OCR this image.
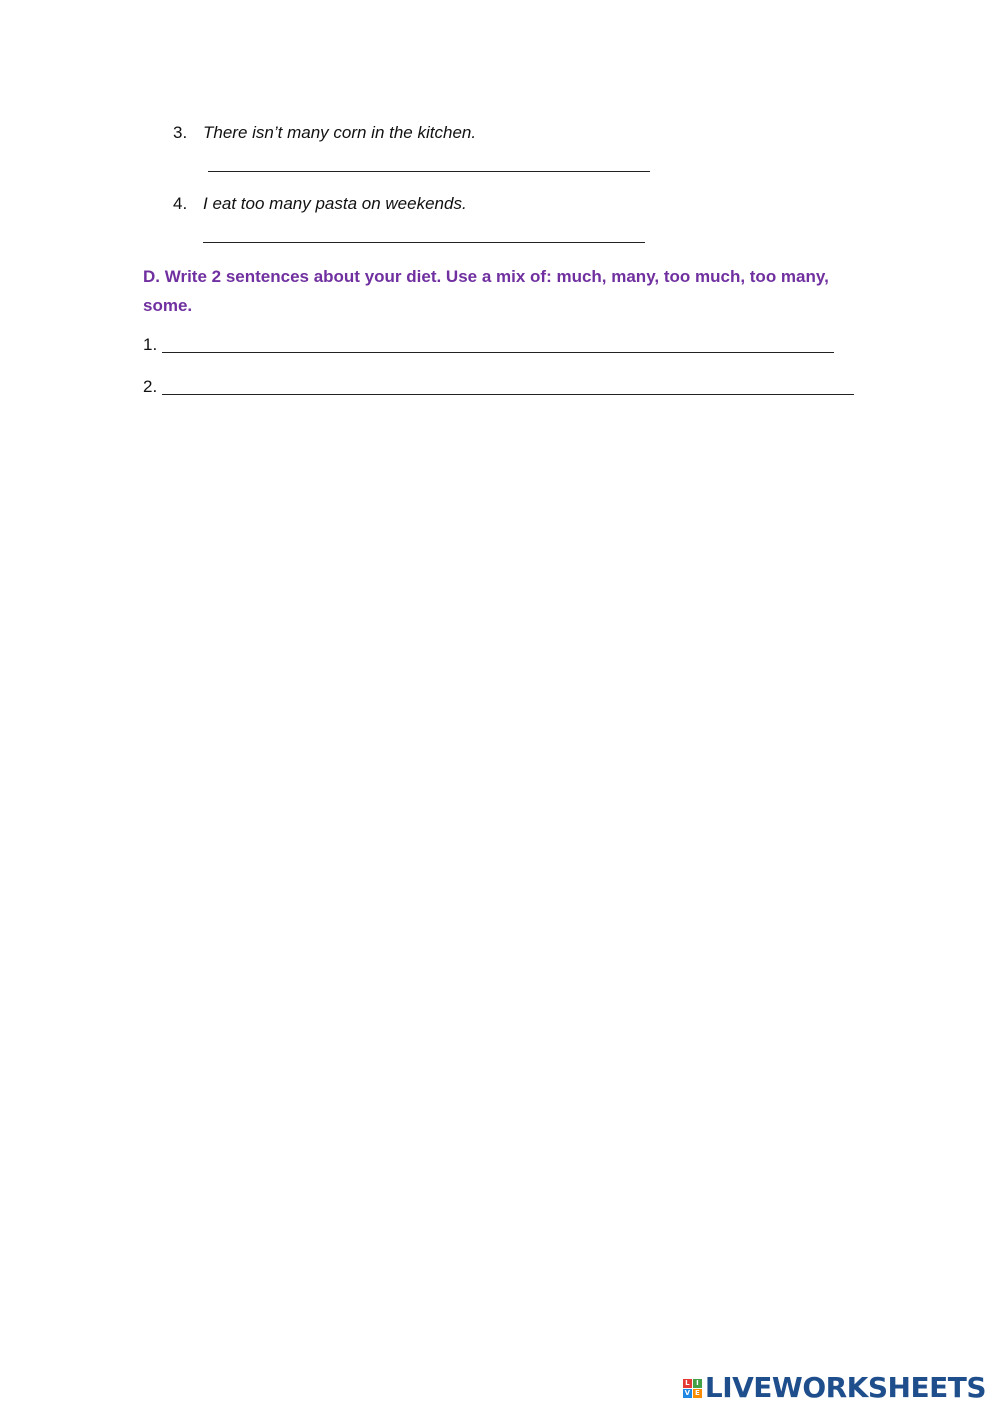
3. There isn’t many corn in the kitchen.
4. I eat too many pasta on weekends.
D. Write 2 sentences about your diet. Use a mix of: much, many, too much, too many, some.
1.
2.
L I
V E LIVEWORKSHEETS
